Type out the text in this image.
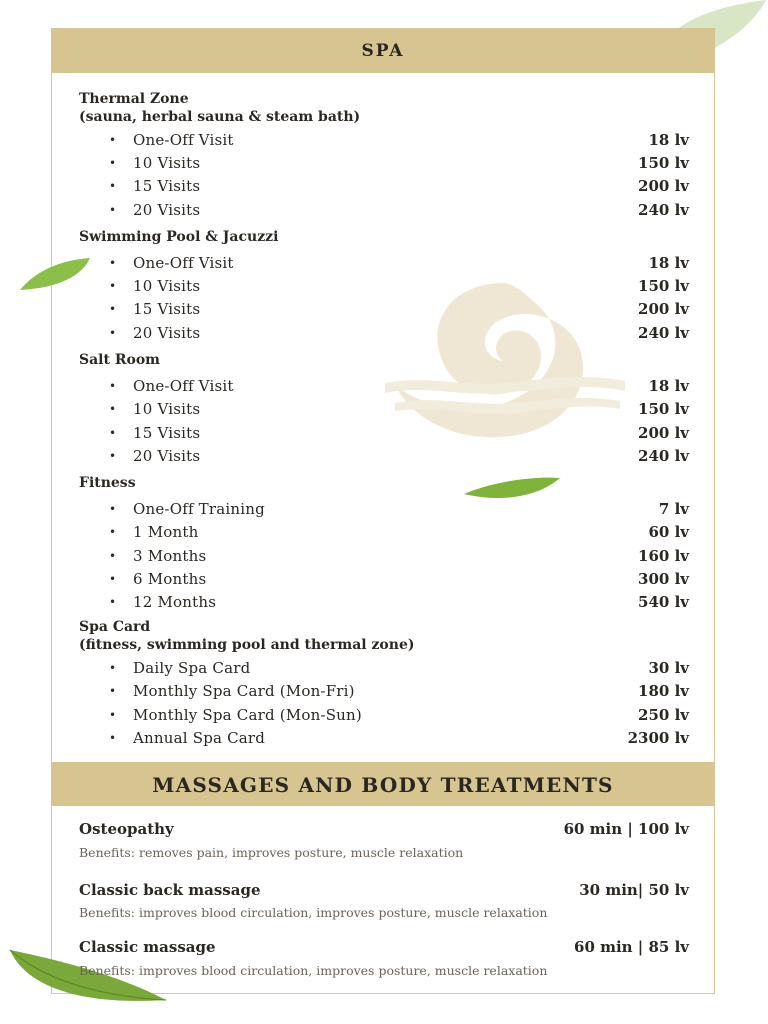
SPA
Thermal Zone
(sauna, herbal sauna & steam bath)
• One-Off Visit	18 lv
• 10 Visits	150 lv
• 15 Visits	200 lv
• 20 Visits	240 lv
Swimming Pool & Jacuzzi
• One-Off Visit	18 lv
• 10 Visits	150 lv
• 15 Visits	200 lv
• 20 Visits	240 lv
Salt Room
• One-Off Visit	18 lv
• 10 Visits	150 lv
• 15 Visits	200 lv
• 20 Visits	240 lv
Fitness
• One-Off Training	7 lv
• 1 Month	60 lv
• 3 Months	160 lv
• 6 Months	300 lv
• 12 Months	540 lv
Spa Card
(fitness, swimming pool and thermal zone)
• Daily Spa Card	30 lv
• Monthly Spa Card (Mon-Fri)	180 lv
• Monthly Spa Card (Mon-Sun)	250 lv
• Annual Spa Card	2300 lv
MASSAGES AND BODY TREATMENTS
Osteopathy	60 min | 100 lv
Benefits: removes pain, improves posture, muscle relaxation
Classic back massage	30 min| 50 lv
Benefits: improves blood circulation, improves posture, muscle relaxation
Classic massage	60 min | 85 lv
Benefits: improves blood circulation, improves posture, muscle relaxation
